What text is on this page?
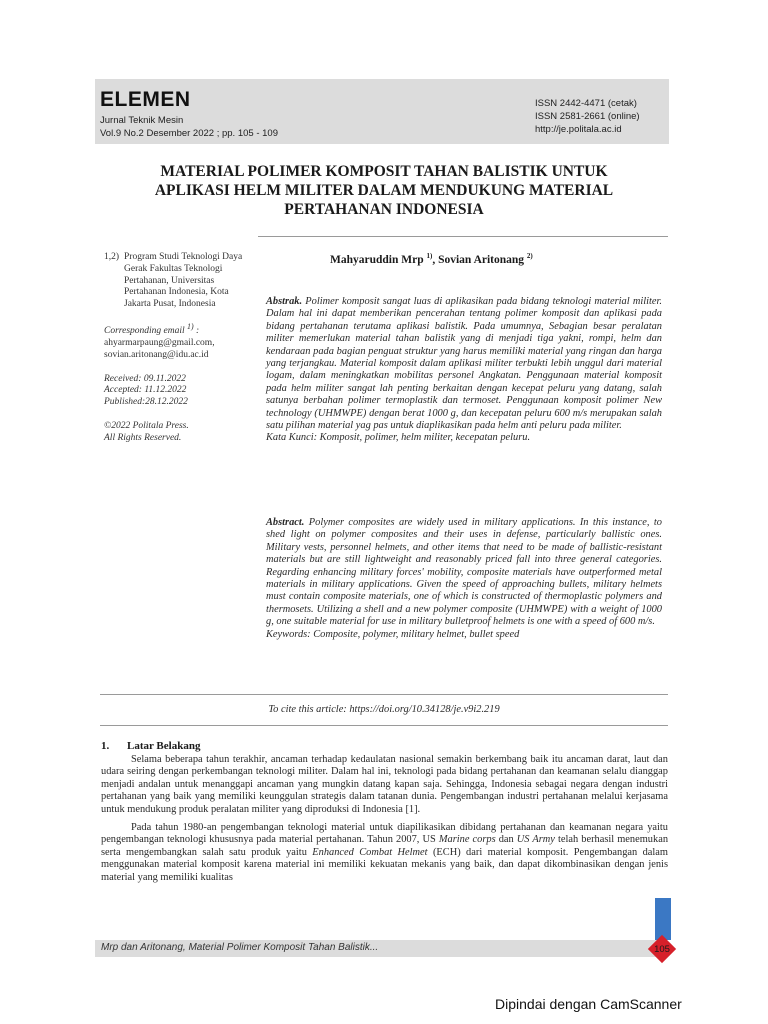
ELEMEN
Jurnal Teknik Mesin
Vol.9 No.2 Desember 2022 ; pp. 105 - 109
ISSN 2442-4471 (cetak)
ISSN 2581-2661 (online)
http://je.politala.ac.id
MATERIAL POLIMER KOMPOSIT TAHAN BALISTIK UNTUK
APLIKASI HELM MILITER DALAM MENDUKUNG MATERIAL
PERTAHANAN INDONESIA
1,2) Program Studi Teknologi Daya Gerak Fakultas Teknologi Pertahanan, Universitas Pertahanan Indonesia, Kota Jakarta Pusat, Indonesia
Corresponding email $^{1)}$ :
ahyarmarpaung@gmail.com,
sovian.aritonang@idu.ac.id
Received: 09.11.2022
Accepted: 11.12.2022
Published:28.12.2022
©2022 Politala Press.
All Rights Reserved.
Mahyaruddin Mrp $^{1)}$, Sovian Aritonang $^{2)}$
Abstrak. Polimer komposit sangat luas di aplikasikan pada bidang teknologi material militer. Dalam hal ini dapat memberikan pencerahan tentang polimer komposit dan aplikasi pada bidang pertahanan terutama aplikasi balistik. Pada umumnya, Sebagian besar peralatan militer memerlukan material tahan balistik yang di menjadi tiga yakni, rompi, helm dan kendaraan pada bagian penguat struktur yang harus memiliki material yang ringan dan harga yang terjangkau. Material komposit dalam aplikasi militer terbukti lebih unggul dari material logam, dalam meningkatkan mobilitas personel Angkatan. Penggunaan material komposit pada helm militer sangat lah penting berkaitan dengan kecepat peluru yang datang, salah satunya berbahan polimer termoplastik dan termoset. Penggunaan komposit polimer New technology (UHMWPE) dengan berat 1000 g, dan kecepatan peluru 600 m/s merupakan salah satu pilihan material yag pas untuk diaplikasikan pada helm anti peluru pada militer.
Kata Kunci: Komposit, polimer, helm militer, kecepatan peluru.
Abstract. Polymer composites are widely used in military applications. In this instance, to shed light on polymer composites and their uses in defense, particularly ballistic ones. Military vests, personnel helmets, and other items that need to be made of ballistic-resistant materials but are still lightweight and reasonably priced fall into three general categories. Regarding enhancing military forces' mobility, composite materials have outperformed metal materials in military applications. Given the speed of approaching bullets, military helmets must contain composite materials, one of which is constructed of thermoplastic polymers and thermosets. Utilizing a shell and a new polymer composite (UHMWPE) with a weight of 1000 g, one suitable material for use in military bulletproof helmets is one with a speed of 600 m/s.
Keywords: Composite, polymer, military helmet, bullet speed
To cite this article: https://doi.org/10.34128/je.v9i2.219
1. Latar Belakang

Selama beberapa tahun terakhir, ancaman terhadap kedaulatan nasional semakin berkembang baik itu ancaman darat, laut dan udara seiring dengan perkembangan teknologi militer. Dalam hal ini, teknologi pada bidang pertahanan dan keamanan selalu dianggap menjadi andalan untuk menanggapi ancaman yang mungkin datang kapan saja. Sehingga, Indonesia sebagai negara dengan industri pertahanan yang baik yang memiliki keunggulan strategis dalam tatanan dunia. Pengembangan industri pertahanan melalui kerjasama untuk mendukung produk peralatan militer yang diproduksi di Indonesia [1].

Pada tahun 1980-an pengembangan teknologi material untuk diapilikasikan dibidang pertahanan dan keamanan negara yaitu pengembangan teknologi khususnya pada material pertahanan. Tahun 2007, US Marine corps dan US Army telah berhasil menemukan serta mengembangkan salah satu produk yaitu Enhanced Combat Helmet (ECH) dari material komposit. Pengembangan dalam menggunakan material komposit karena material ini memiliki kekuatan mekanis yang baik, dan dapat dikombinasikan dengan jenis material yang memiliki kualitas

Mrp dan Aritonang, Material Polimer Komposit Tahan Balistik...	105
Dipindai dengan CamScanner
